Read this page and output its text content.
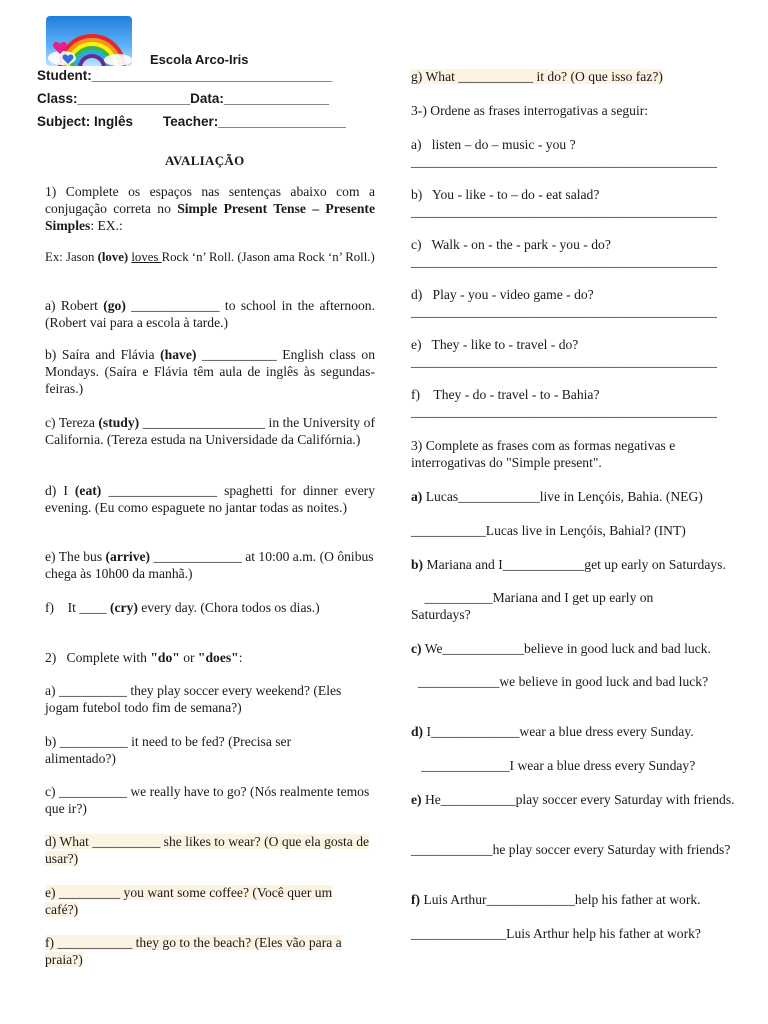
Escola Arco-Iris
Student:________________________________
Class:_______________Data:______________
Subject: Inglês        Teacher:_________________
AVALIAÇÃO
1) Complete os espaços nas sentenças abaixo com a conjugação correta no Simple Present Tense – Presente Simples: EX.:
Ex: Jason (love) loves Rock ‘n’ Roll. (Jason ama Rock ‘n’ Roll.)
a) Robert (go) _____________ to school in the afternoon. (Robert vai para a escola à tarde.)
b) Saíra and Flávia (have) ___________ English class on Mondays. (Saíra e Flávia têm aula de inglês às segundas-feiras.)
c) Tereza (study) __________________ in the University of California. (Tereza estuda na Universidade da Califórnia.)
d) I (eat) ________________ spaghetti for dinner every evening. (Eu como espaguete no jantar todas as noites.)
e) The bus (arrive) _____________ at 10:00 a.m. (O ônibus chega às 10h00 da manhã.)
f)    It ____ (cry) every day. (Chora todos os dias.)
2)   Complete with "do" or "does":
a) __________ they play soccer every weekend? (Eles jogam futebol todo fim de semana?)
b) __________ it need to be fed? (Precisa ser alimentado?)
c) __________ we really have to go? (Nós realmente temos que ir?)
d) What __________ she likes to wear? (O que ela gosta de usar?)
e) _________ you want some coffee? (Você quer um café?)
f) ___________ they go to the beach? (Eles vão para a praia?)
g) What ___________ it do? (O que isso faz?)
3-) Ordene as frases interrogativas a seguir:
a)   listen – do – music - you ?
_____________________________________________
b)   You - like - to – do - eat salad?
_____________________________________________
c)   Walk - on - the - park - you - do?
_____________________________________________
d)   Play - you - video game - do?
_____________________________________________
e)   They - like to - travel - do?
_____________________________________________
f)    They - do - travel - to - Bahia?
_____________________________________________
3) Complete as frases com as formas negativas e interrogativas do "Simple present".
a) Lucas____________live in Lençóis, Bahia. (NEG)
___________Lucas live in Lençóis, Bahial? (INT)
b) Mariana and I____________get up early on Saturdays.
__________Mariana and I get up early on Saturdays?
c) We____________believe in good luck and bad luck.
____________we believe in good luck and bad luck?
d) I_____________wear a blue dress every Sunday.
_____________I wear a blue dress every Sunday?
e) He___________play soccer every Saturday with friends.
____________he play soccer every Saturday with friends?
f) Luis Arthur_____________help his father at work.
______________Luis Arthur help his father at work?
